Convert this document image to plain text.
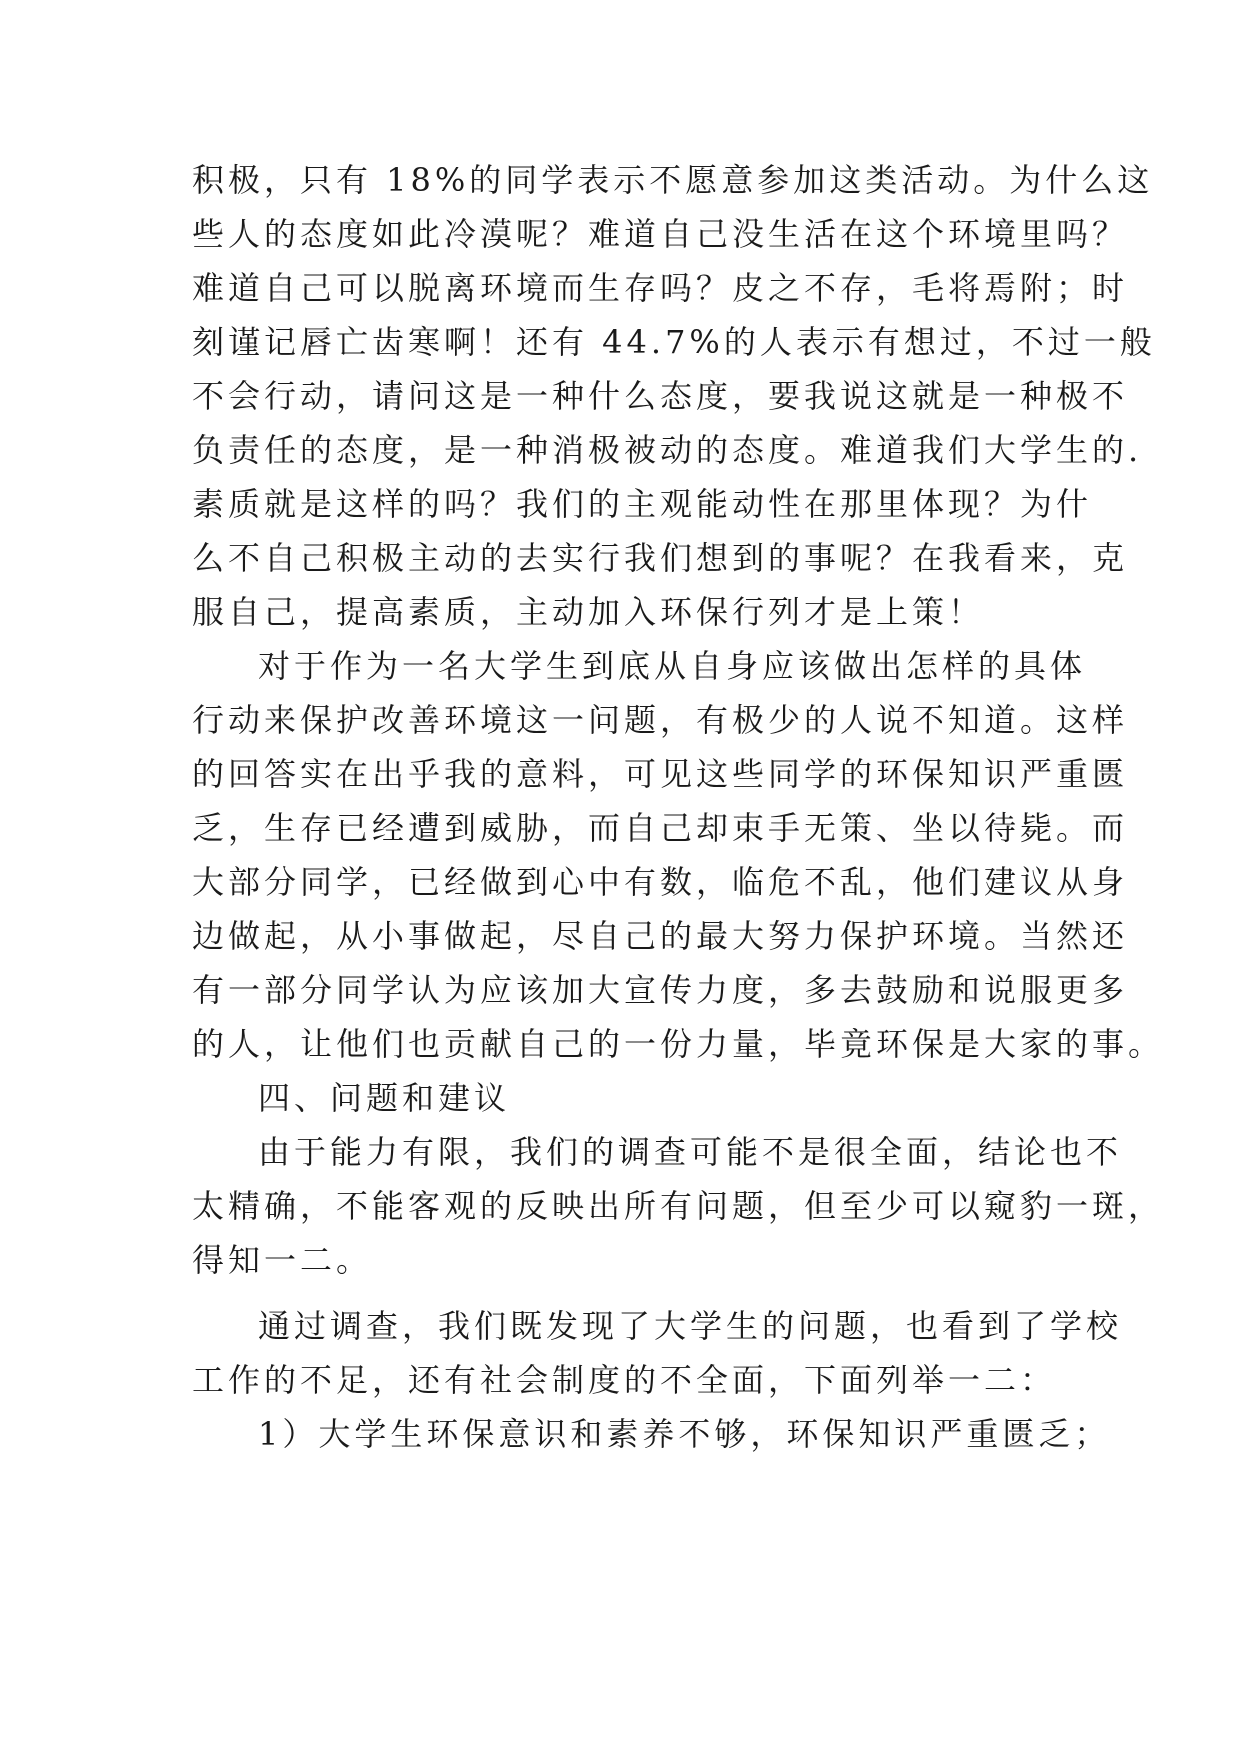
积极，只有 18%的同学表示不愿意参加这类活动。为什么这
些人的态度如此冷漠呢？难道自己没生活在这个环境里吗？
难道自己可以脱离环境而生存吗？皮之不存，毛将焉附；时
刻谨记唇亡齿寒啊！还有 44.7%的人表示有想过，不过一般
不会行动，请问这是一种什么态度，要我说这就是一种极不
负责任的态度，是一种消极被动的态度。难道我们大学生的.
素质就是这样的吗？我们的主观能动性在那里体现？为什
么不自己积极主动的去实行我们想到的事呢？在我看来，克
服自己，提高素质，主动加入环保行列才是上策！
对于作为一名大学生到底从自身应该做出怎样的具体
行动来保护改善环境这一问题，有极少的人说不知道。这样
的回答实在出乎我的意料，可见这些同学的环保知识严重匮
乏，生存已经遭到威胁，而自己却束手无策、坐以待毙。而
大部分同学，已经做到心中有数，临危不乱，他们建议从身
边做起，从小事做起，尽自己的最大努力保护环境。当然还
有一部分同学认为应该加大宣传力度，多去鼓励和说服更多
的人，让他们也贡献自己的一份力量，毕竟环保是大家的事。
四、问题和建议
由于能力有限，我们的调查可能不是很全面，结论也不
太精确，不能客观的反映出所有问题，但至少可以窥豹一斑，
得知一二。
通过调查，我们既发现了大学生的问题，也看到了学校
工作的不足，还有社会制度的不全面，下面列举一二：
1）大学生环保意识和素养不够，环保知识严重匮乏；
